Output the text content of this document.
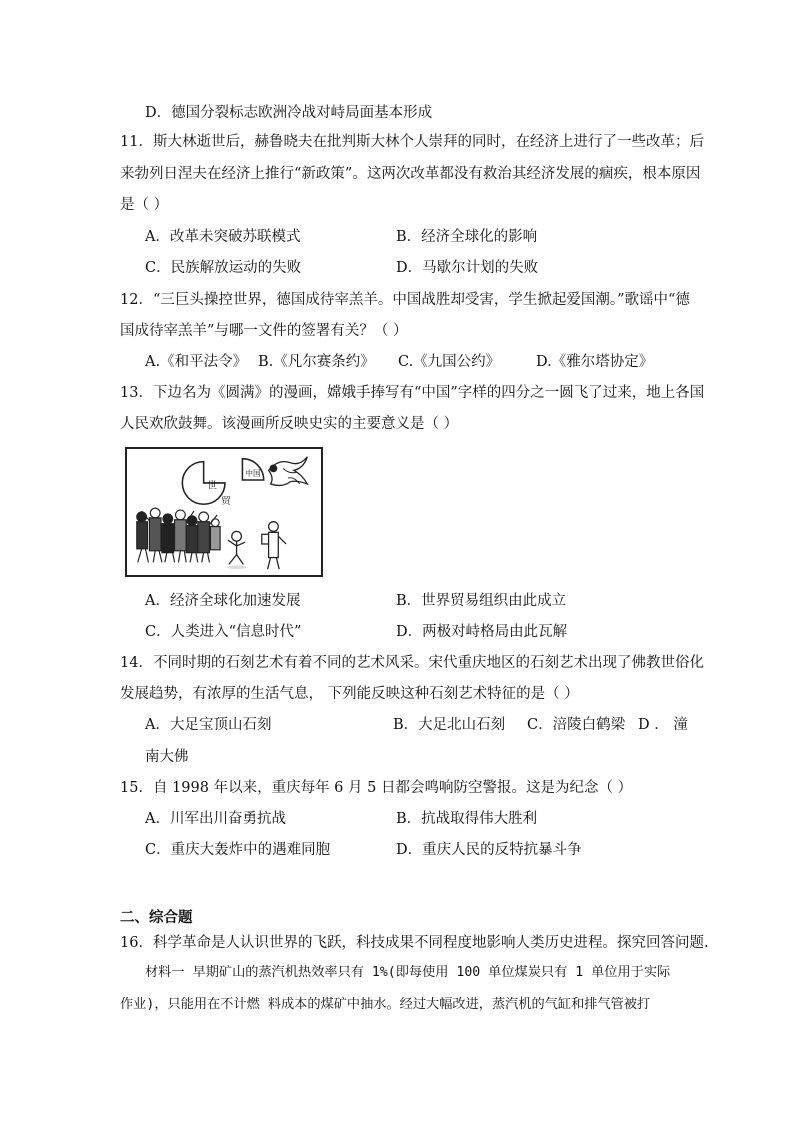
D．德国分裂标志欧洲冷战对峙局面基本形成
11．斯大林逝世后，赫鲁晓夫在批判斯大林个人崇拜的同时，在经济上进行了一些改革；后
来勃列日涅夫在经济上推行“新政策”。这两次改革都没有救治其经济发展的痼疾，根本原因
是（ ）
A．改革未突破苏联模式	B．经济全球化的影响
C．民族解放运动的失败	D．马歇尔计划的失败
12．“三巨头操控世界，德国成待宰羔羊。中国战胜却受害，学生掀起爱国潮。”歌谣中“德
国成待宰羔羊”与哪一文件的签署有关？（ ）
A.《和平法令》 B.《凡尔赛条约》 C.《九国公约》 D.《雅尔塔协定》
13．下边名为《圆满》的漫画，嫦娥手捧写有“中国”字样的四分之一圆飞了过来，地上各国
人民欢欣鼓舞。该漫画所反映史实的主要意义是（ ）
世
贸
中国
A．经济全球化加速发展	B．世界贸易组织由此成立
C．人类进入“信息时代”	D．两极对峙格局由此瓦解
14．不同时期的石刻艺术有着不同的艺术风采。宋代重庆地区的石刻艺术出现了佛教世俗化
发展趋势，有浓厚的生活气息， 下列能反映这种石刻艺术特征的是（ ）
A．大足宝顶山石刻	B．大足北山石刻 C．涪陵白鹤梁 D ． 潼
南大佛
15．自 1998 年以来，重庆每年 6 月 5 日都会鸣响防空警报。这是为纪念（ ）
A．川军出川奋勇抗战	B．抗战取得伟大胜利
C．重庆大轰炸中的遇难同胞	D．重庆人民的反特抗暴斗争
二、综合题
16．科学革命是人认识世界的飞跃，科技成果不同程度地影响人类历史进程。探究回答问题.
材料一 早期矿山的蒸汽机热效率只有 1%(即每使用 100 单位煤炭只有 1 单位用于实际
作业)，只能用在不计燃 料成本的煤矿中抽水。经过大幅改进，蒸汽机的气缸和排气管被打
